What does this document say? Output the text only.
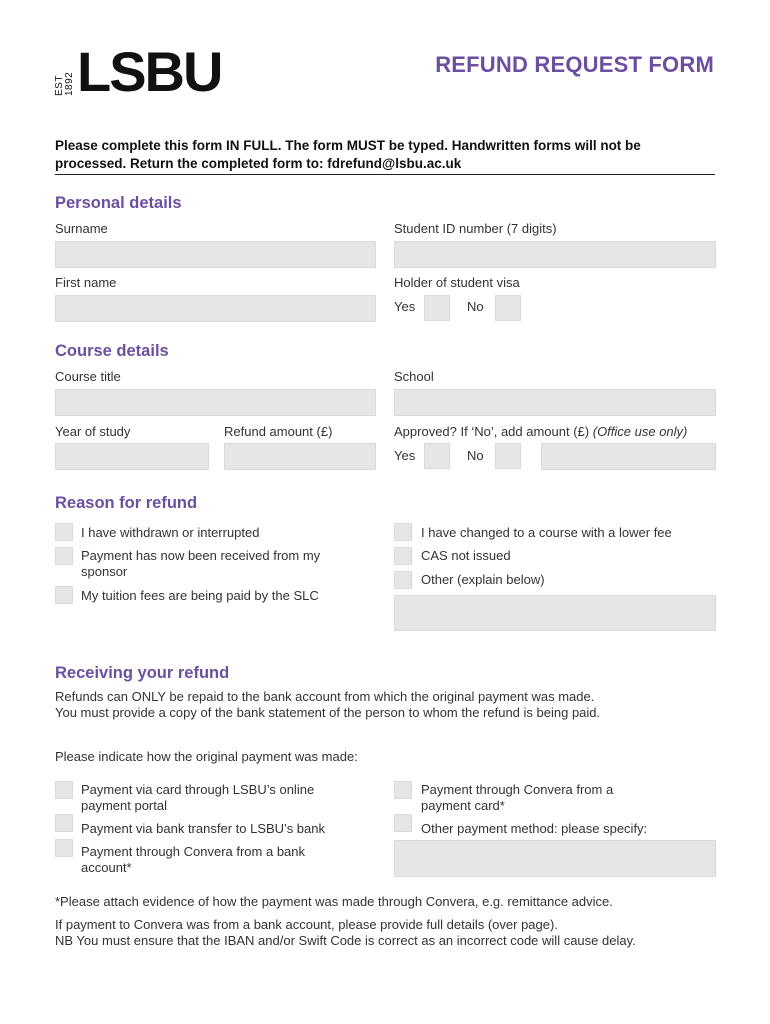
EST 1892 LSBU	REFUND REQUEST FORM
Please complete this form IN FULL. The form MUST be typed. Handwritten forms will not be
processed. Return the completed form to: fdrefund@lsbu.ac.uk
Personal details
Surname	Student ID number (7 digits)
First name	Holder of student visa
Yes	No
Course details
Course title	School
Year of study	Refund amount (£)	Approved? If ‘No’, add amount (£) (Office use only)
Yes	No
Reason for refund
I have withdrawn or interrupted
Payment has now been received from my
sponsor
My tuition fees are being paid by the SLC
I have changed to a course with a lower fee
CAS not issued
Other (explain below)
Receiving your refund
Refunds can ONLY be repaid to the bank account from which the original payment was made.
You must provide a copy of the bank statement of the person to whom the refund is being paid.
Please indicate how the original payment was made:
Payment via card through LSBU’s online
payment portal
Payment via bank transfer to LSBU’s bank
Payment through Convera from a bank
account*
Payment through Convera from a
payment card*
Other payment method: please specify:
*Please attach evidence of how the payment was made through Convera, e.g. remittance advice.
If payment to Convera was from a bank account, please provide full details (over page).
NB You must ensure that the IBAN and/or Swift Code is correct as an incorrect code will cause delay.
